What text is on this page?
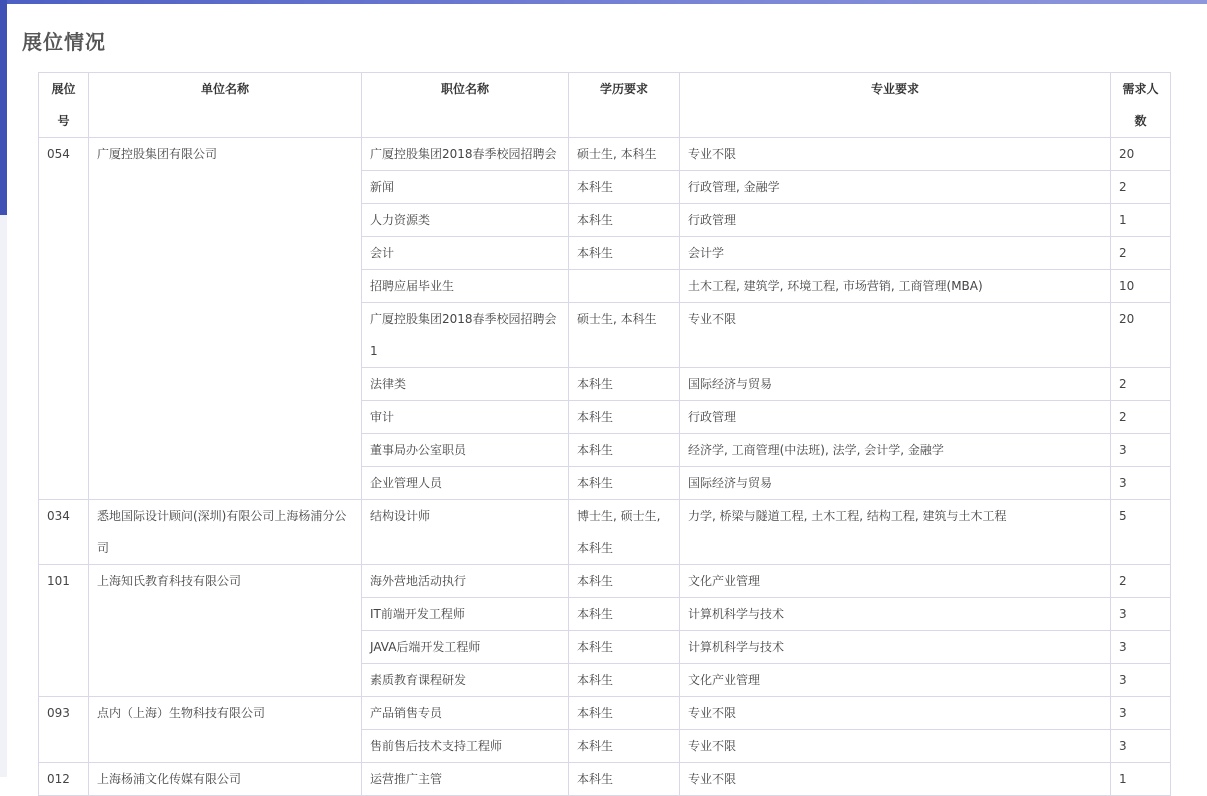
展位情况
展位号	单位名称	职位名称	学历要求	专业要求	需求人数
054	广厦控股集团有限公司	广厦控股集团2018春季校园招聘会	硕士生, 本科生	专业不限	20
		新闻	本科生	行政管理, 金融学	2
		人力资源类	本科生	行政管理	1
		会计	本科生	会计学	2
		招聘应届毕业生		土木工程, 建筑学, 环境工程, 市场营销, 工商管理(MBA)	10
		广厦控股集团2018春季校园招聘会1	硕士生, 本科生	专业不限	20
		法律类	本科生	国际经济与贸易	2
		审计	本科生	行政管理	2
		董事局办公室职员	本科生	经济学, 工商管理(中法班), 法学, 会计学, 金融学	3
		企业管理人员	本科生	国际经济与贸易	3
034	悉地国际设计顾问(深圳)有限公司上海杨浦分公司	结构设计师	博士生, 硕士生, 本科生	力学, 桥梁与隧道工程, 土木工程, 结构工程, 建筑与土木工程	5
101	上海知氏教育科技有限公司	海外营地活动执行	本科生	文化产业管理	2
		IT前端开发工程师	本科生	计算机科学与技术	3
		JAVA后端开发工程师	本科生	计算机科学与技术	3
		素质教育课程研发	本科生	文化产业管理	3
093	点内（上海）生物科技有限公司	产品销售专员	本科生	专业不限	3
		售前售后技术支持工程师	本科生	专业不限	3
012	上海杨浦文化传媒有限公司	运营推广主管	本科生	专业不限	1
